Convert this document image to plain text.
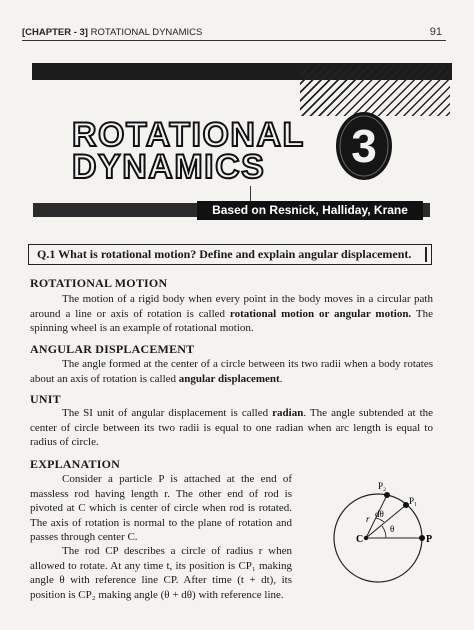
[CHAPTER - 3] ROTATIONAL DYNAMICS	91
ROTATIONAL
DYNAMICS 3
Based on Resnick, Halliday, Krane
Q.1 What is rotational motion? Define and explain angular displacement.
ROTATIONAL MOTION
The motion of a rigid body when every point in the body moves in a circular path around a line or axis of rotation is called rotational motion or angular motion. The spinning wheel is an example of rotational motion.
ANGULAR DISPLACEMENT
The angle formed at the center of a circle between its two radii when a body rotates about an axis of rotation is called angular displacement.
UNIT
The SI unit of angular displacement is called radian. The angle subtended at the center of circle between its two radii is equal to one radian when arc length is equal to radius of circle.
EXPLANATION
Consider a particle P is attached at the end of massless rod having length r. The other end of rod is pivoted at C which is center of circle when rod is rotated. The axis of rotation is normal to the plane of rotation and passes through center C.
The rod CP describes a circle of radius r when allowed to rotate. At any time t, its position is CP₁ making angle θ with reference line CP. After time (t + dt), its position is CP₂ making angle (θ + dθ) with reference line.
C	P
P₁
P₂
r dθ
θ
